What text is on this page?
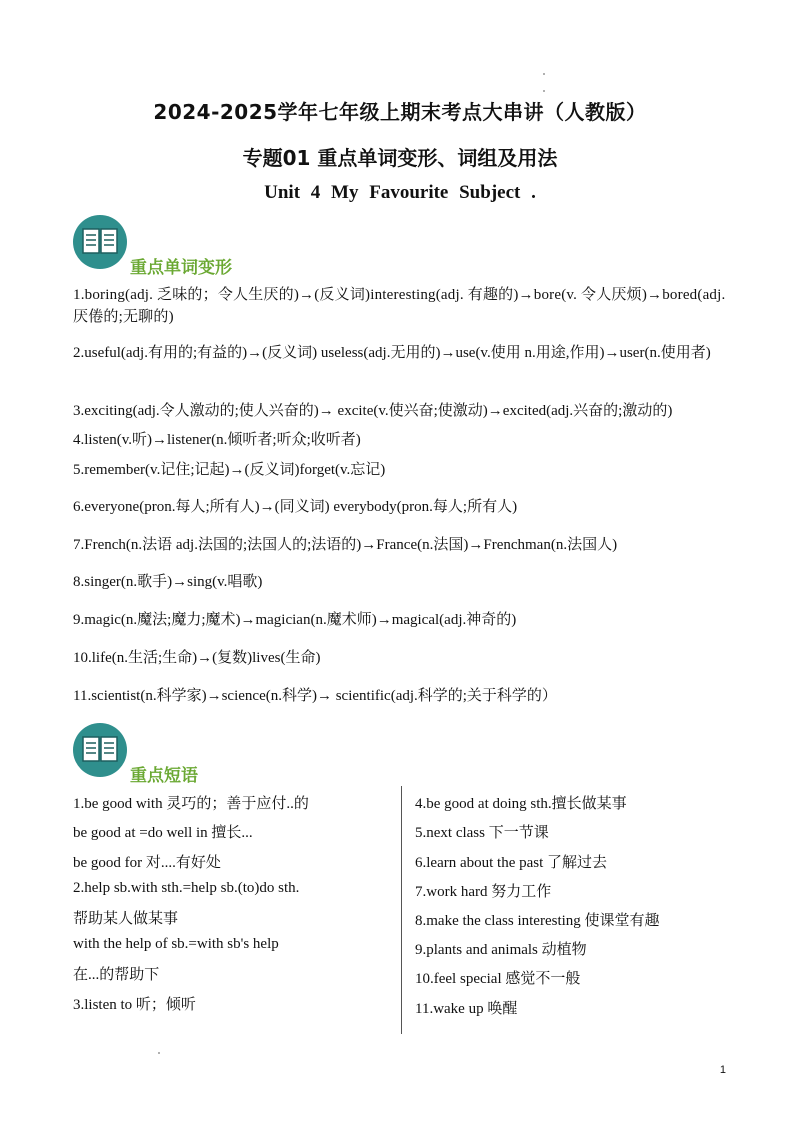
2024-2025学年七年级上期末考点大串讲（人教版）
专题01 重点单词变形、词组及用法
Unit 4 My Favourite Subject .
重点单词变形
1.boring(adj. 乏味的；令人生厌的)→(反义词)interesting(adj. 有趣的)→bore(v. 令人厌烦)→bored(adj.厌倦的;无聊的)
2.useful(adj.有用的;有益的)→(反义词) useless(adj.无用的)→use(v.使用 n.用途,作用)→user(n.使用者)
3.exciting(adj.令人激动的;使人兴奋的)→ excite(v.使兴奋;使激动)→excited(adj.兴奋的;激动的)
4.listen(v.听)→listener(n.倾听者;听众;收听者)
5.remember(v.记住;记起)→(反义词)forget(v.忘记)
6.everyone(pron.每人;所有人)→(同义词) everybody(pron.每人;所有人)
7.French(n.法语 adj.法国的;法国人的;法语的)→France(n.法国)→Frenchman(n.法国人)
8.singer(n.歌手)→sing(v.唱歌)
9.magic(n.魔法;魔力;魔术)→magician(n.魔术师)→magical(adj.神奇的)
10.life(n.生活;生命)→(复数)lives(生命)
11.scientist(n.科学家)→science(n.科学)→ scientific(adj.科学的;关于科学的）
重点短语
1.be good with 灵巧的；善于应付..的
be good at =do well in 擅长...
be good for 对....有好处
2.help sb.with sth.=help sb.(to)do sth.
帮助某人做某事
with the help of sb.=with sb's help
在...的帮助下
3.listen to 听；倾听
4.be good at doing sth.擅长做某事
5.next class 下一节课
6.learn about the past 了解过去
7.work hard 努力工作
8.make the class interesting 使课堂有趣
9.plants and animals 动植物
10.feel special 感觉不一般
11.wake up 唤醒
1
